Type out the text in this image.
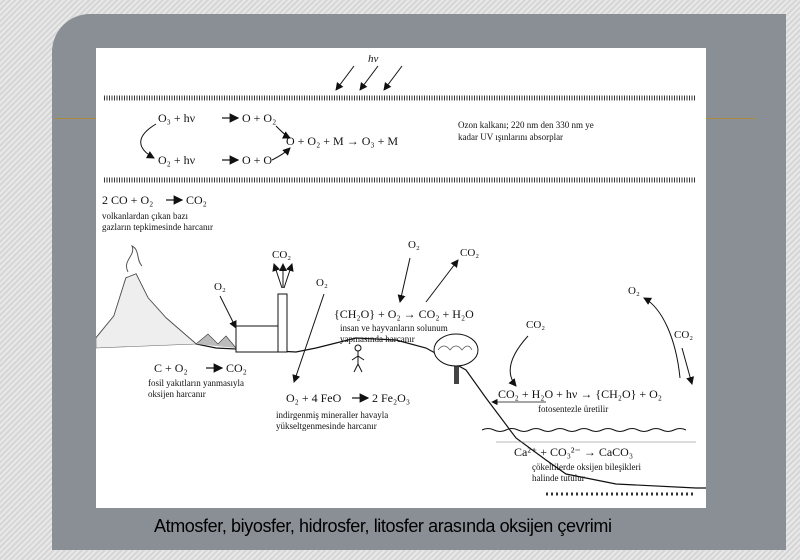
hν
O₃ + hν	O + O₂
O + O₂ + M → O₃ + M
O₂ + hν	O + O
Ozon kalkanı; 220 nm den 330 nm ye
kadar UV ışınlarını absorplar
2 CO + O₂	CO₂
volkanlardan çıkan bazı
gazların tepkimesinde harcanır
CO₂
O₂	O₂
C + O₂	CO₂
fosil yakıtların yanmasıyla
oksijen harcanır
O₂
CO₂
{CH₂O} + O₂ → CO₂ + H₂O
insan ve hayvanların solunum
yapmasında harcanır
O₂ + 4 FeO	2 Fe₂O₃
indirgenmiş mineraller havayla
yükseltgenmesinde harcanır
CO₂
O₂
CO₂
CO₂ + H₂O + hν → {CH₂O} + O₂
fotosentezle üretilir
Ca²⁺ + CO₃²⁻ → CaCO₃
çökeltilerde oksijen bileşikleri
halinde tutulur
Atmosfer, biyosfer, hidrosfer, litosfer arasında oksijen çevrimi
